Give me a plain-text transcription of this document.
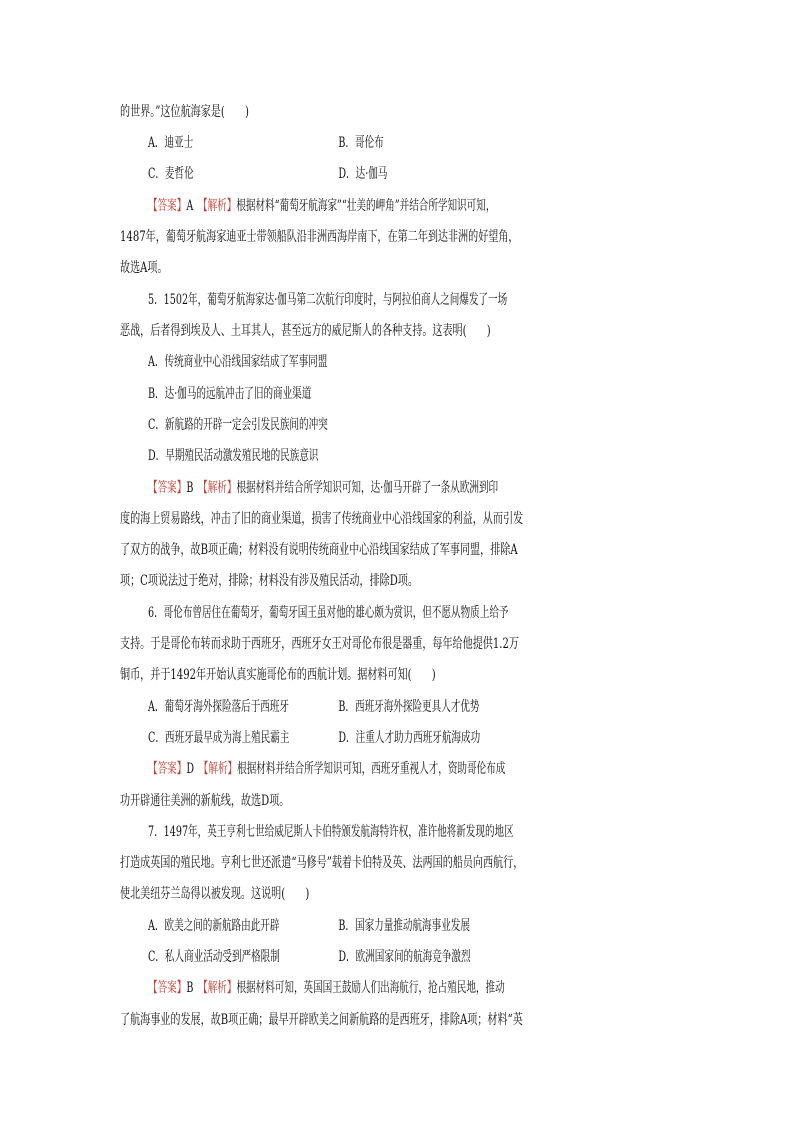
的世界。”这位航海家是(　　)
A．迪亚士	B．哥伦布
C．麦哲伦	D．达·伽马
【答案】A　 【解析】根据材料“葡萄牙航海家”“壮美的岬角”并结合所学知识可知，
1487年，葡萄牙航海家迪亚士带领船队沿非洲西海岸南下，在第二年到达非洲的好望角，
故选A项。
5．1502年，葡萄牙航海家达·伽马第二次航行印度时，与阿拉伯商人之间爆发了一场
恶战，后者得到埃及人、土耳其人，甚至远方的威尼斯人的各种支持。这表明(　　)
A．传统商业中心沿线国家结成了军事同盟
B．达·伽马的远航冲击了旧的商业渠道
C．新航路的开辟一定会引发民族间的冲突
D．早期殖民活动激发殖民地的民族意识
【答案】B　 【解析】根据材料并结合所学知识可知，达·伽马开辟了一条从欧洲到印
度的海上贸易路线，冲击了旧的商业渠道，损害了传统商业中心沿线国家的利益，从而引发
了双方的战争，故B项正确；材料没有说明传统商业中心沿线国家结成了军事同盟，排除A
项；C项说法过于绝对，排除；材料没有涉及殖民活动，排除D项。
6．哥伦布曾居住在葡萄牙，葡萄牙国王虽对他的雄心颇为赏识，但不愿从物质上给予
支持。于是哥伦布转而求助于西班牙，西班牙女王对哥伦布很是器重，每年给他提供1.2万
铜币，并于1492年开始认真实施哥伦布的西航计划。据材料可知(　　)
A．葡萄牙海外探险落后于西班牙	B．西班牙海外探险更具人才优势
C．西班牙最早成为海上殖民霸主	D．注重人才助力西班牙航海成功
【答案】D　 【解析】根据材料并结合所学知识可知，西班牙重视人才，资助哥伦布成
功开辟通往美洲的新航线，故选D项。
7．1497年，英王亨利七世给威尼斯人卡伯特颁发航海特许权，准许他将新发现的地区
打造成英国的殖民地。亨利七世还派遣“马修号”载着卡伯特及英、法两国的船员向西航行，
使北美纽芬兰岛得以被发现。这说明(　　)
A．欧美之间的新航路由此开辟	B．国家力量推动航海事业发展
C．私人商业活动受到严格限制	D．欧洲国家间的航海竞争激烈
【答案】B　 【解析】根据材料可知，英国国王鼓励人们出海航行，抢占殖民地，推动
了航海事业的发展，故B项正确；最早开辟欧美之间新航路的是西班牙，排除A项；材料“英
